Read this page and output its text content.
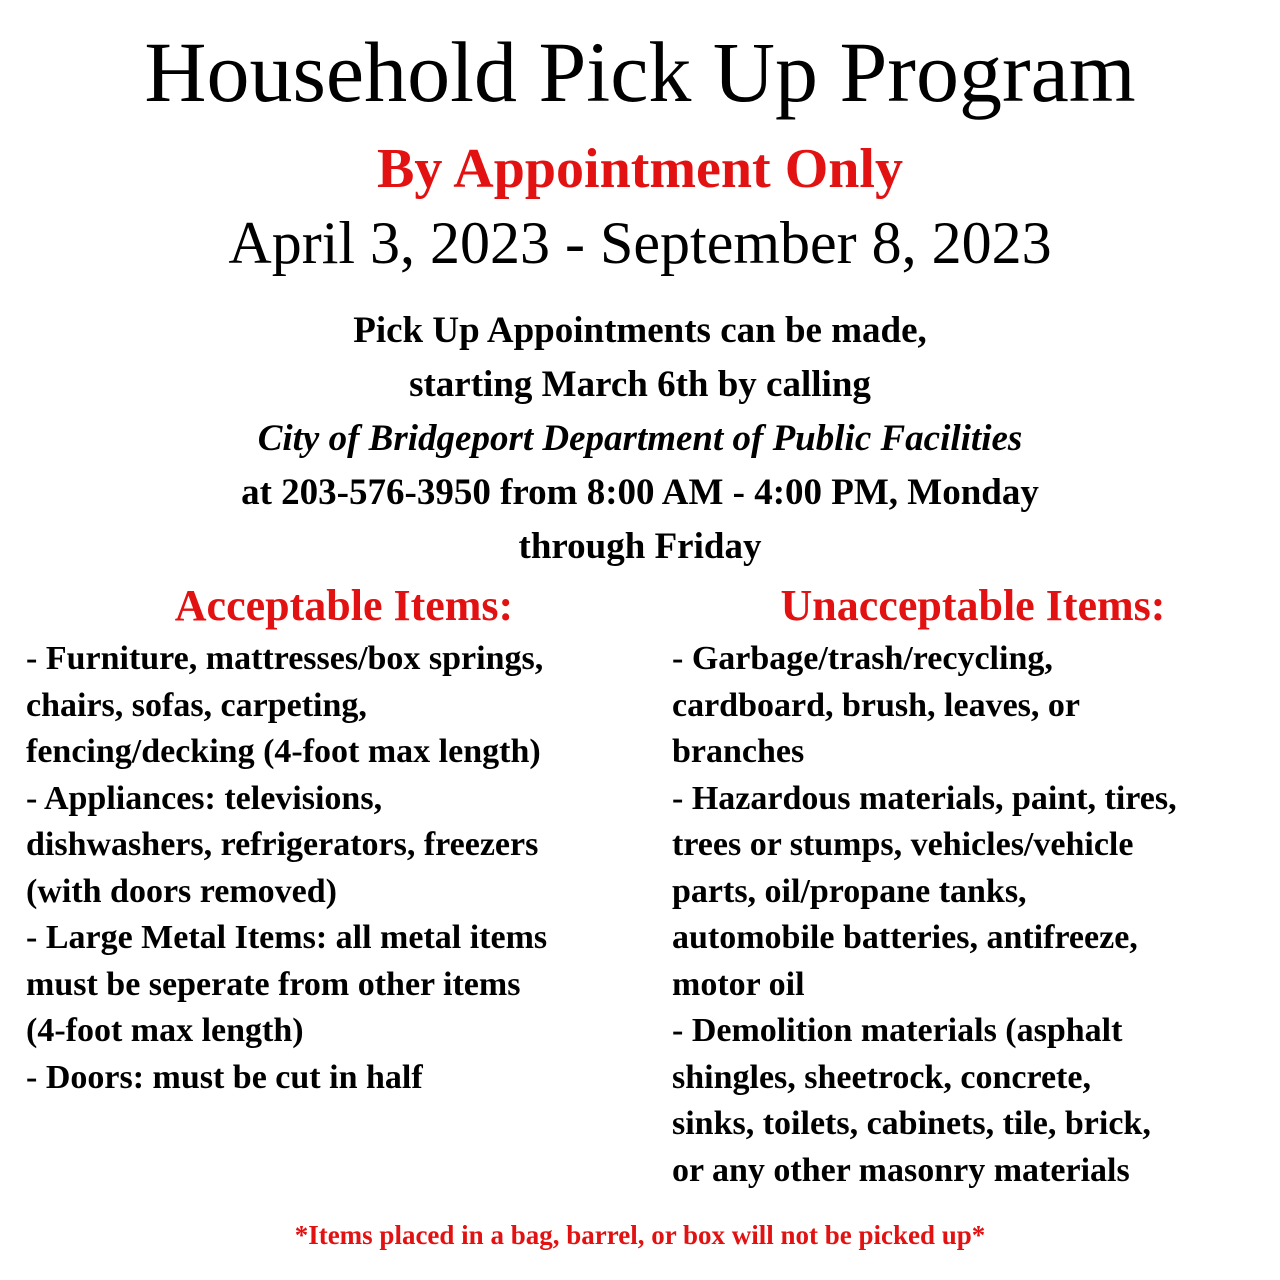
Household Pick Up Program
By Appointment Only
April 3, 2023 - September 8, 2023
Pick Up Appointments can be made,
starting March 6th by calling
City of Bridgeport Department of Public Facilities
at 203-576-3950 from 8:00 AM - 4:00 PM, Monday
through Friday
Acceptable Items:	Unacceptable Items:
- Furniture, mattresses/box springs,
chairs, sofas, carpeting,
fencing/decking (4-foot max length)
- Appliances: televisions,
dishwashers, refrigerators, freezers
(with doors removed)
- Large Metal Items: all metal items
must be seperate from other items
(4-foot max length)
- Doors: must be cut in half
- Garbage/trash/recycling,
cardboard, brush, leaves, or
branches
- Hazardous materials, paint, tires,
trees or stumps, vehicles/vehicle
parts, oil/propane tanks,
automobile batteries, antifreeze,
motor oil
- Demolition materials (asphalt
shingles, sheetrock, concrete,
sinks, toilets, cabinets, tile, brick,
or any other masonry materials
*Items placed in a bag, barrel, or box will not be picked up*
